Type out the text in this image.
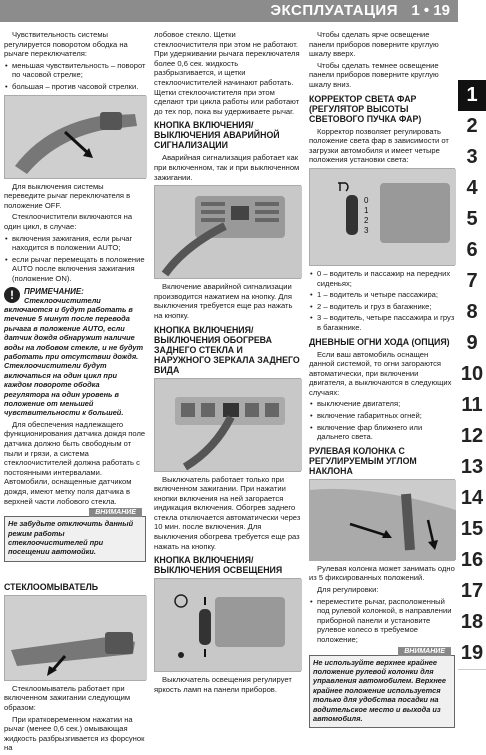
ЭКСПЛУАТАЦИЯ 1 • 19
1
2
3
4
5
6
7
8
9
10
11
12
13
14
15
16
17
18
19

Чувствительность системы регулируется поворотом ободка на рычаге переключателя:

• меньшая чувствительность – поворот по часовой стрелке;
• большая – против часовой стрелки.

Для выключения системы переведите рычаг переключателя в положение OFF.

Стеклоочистители включаются на один цикл, в случае:

• включения зажигания, если рычаг находится в положении AUTO;
• если рычаг перемещать в положение AUTO после включения зажигания (положение ON).
!	ПРИМЕЧАНИЕ:

Стеклоочистители включаются и будут работать в течение 5 минут после перевода рычага в положение AUTO, если датчик дождя обнаружит наличие воды на лобовом стекле, и не будут работать при отсутствии дождя. Стеклоочистители будут включаться на один цикл при каждом повороте ободка регулятора на один уровень в положение от меньшей чувствительности к большей.

Для обеспечения надлежащего функционирования датчика дождя поле датчика должно быть свободным от пыли и грязи, а система стеклоочистителей должна работать с постоянными интервалами. Автомобили, оснащенные датчиком дождя, имеют метку поля датчика в верхней части лобового стекла.

ВНИМАНИЕ

Не забудьте отключить данный режим работы стеклоочистителей при посещении автомойки.

СТЕКЛООМЫВАТЕЛЬ

Стеклоомыватель работает при включенном зажигании следующим образом:

При кратковременном нажатии на рычаг (менее 0,6 сек.) омывающая жидкость разбрызгивается из форсунок на

лобовое стекло. Щетки стеклоочистителя при этом не работают. При удерживании рычага переключателя более 0,6 сек. жидкость разбрызгивается, и щетки стеклоочистителей начинают работать. Щетки стеклоочистителя при этом сделают три цикла работы или работают до тех пор, пока вы удерживаете рычаг.

КНОПКА ВКЛЮЧЕНИЯ/ ВЫКЛЮЧЕНИЯ АВАРИЙНОЙ СИГНАЛИЗАЦИИ

Аварийная сигнализация работает как при включенном, так и при выключенном зажигании.

Включение аварийной сигнализации производится нажатием на кнопку. Для выключения требуется еще раз нажать на кнопку.

КНОПКА ВКЛЮЧЕНИЯ/ ВЫКЛЮЧЕНИЯ ОБОГРЕВА ЗАДНЕГО СТЕКЛА И НАРУЖНОГО ЗЕРКАЛА ЗАДНЕГО ВИДА

Выключатель работает только при включенном зажигании. При нажатии кнопки включения на ней загорается индикация включения. Обогрев заднего стекла отключается автоматически через 10 мин. после включения. Для выключения обогрева требуется еще раз нажать на кнопку.

КНОПКА ВКЛЮЧЕНИЯ/ ВЫКЛЮЧЕНИЯ ОСВЕЩЕНИЯ

Выключатель освещения регулирует яркость ламп на панели приборов.

Чтобы сделать ярче освещение панели приборов поверните круглую шкалу вверх.

Чтобы сделать темнее освещение панели приборов поверните круглую шкалу вниз.

КОРРЕКТОР СВЕТА ФАР (РЕГУЛЯТОР ВЫСОТЫ СВЕТОВОГО ПУЧКА ФАР)

Корректор позволяет регулировать положение света фар в зависимости от загрузки автомобиля и имеет четыре положения установки света:

0
1
2
3
• 0 – водитель и пассажир на передних сиденьях;
• 1 – водитель и четыре пассажира;
• 2 – водитель и груз в багажнике;
• 3 – водитель, четыре пассажира и груз в багажнике.
ДНЕВНЫЕ ОГНИ ХОДА (ОПЦИЯ)

Если ваш автомобиль оснащен данной системой, то огни загораются автоматически, при включении двигателя, а выключаются в следующих случаях:

• выключение двигателя;
• включение габаритных огней;
• включение фар ближнего или дальнего света.
РУЛЕВАЯ КОЛОНКА С РЕГУЛИРУЕМЫМ УГЛОМ НАКЛОНА

Рулевая колонка может занимать одно из 5 фиксированных положений.

Для регулировки:

• переместите рычаг, расположенный под рулевой колонкой, в направлении приборной панели и установите рулевое колесо в требуемое положение;
ВНИМАНИЕ

Не используйте верхнее крайнее положение рулевой колонки для управления автомобилем. Верхнее крайнее положение используется только для удобства посадки на водительское место и выхода из автомобиля.
